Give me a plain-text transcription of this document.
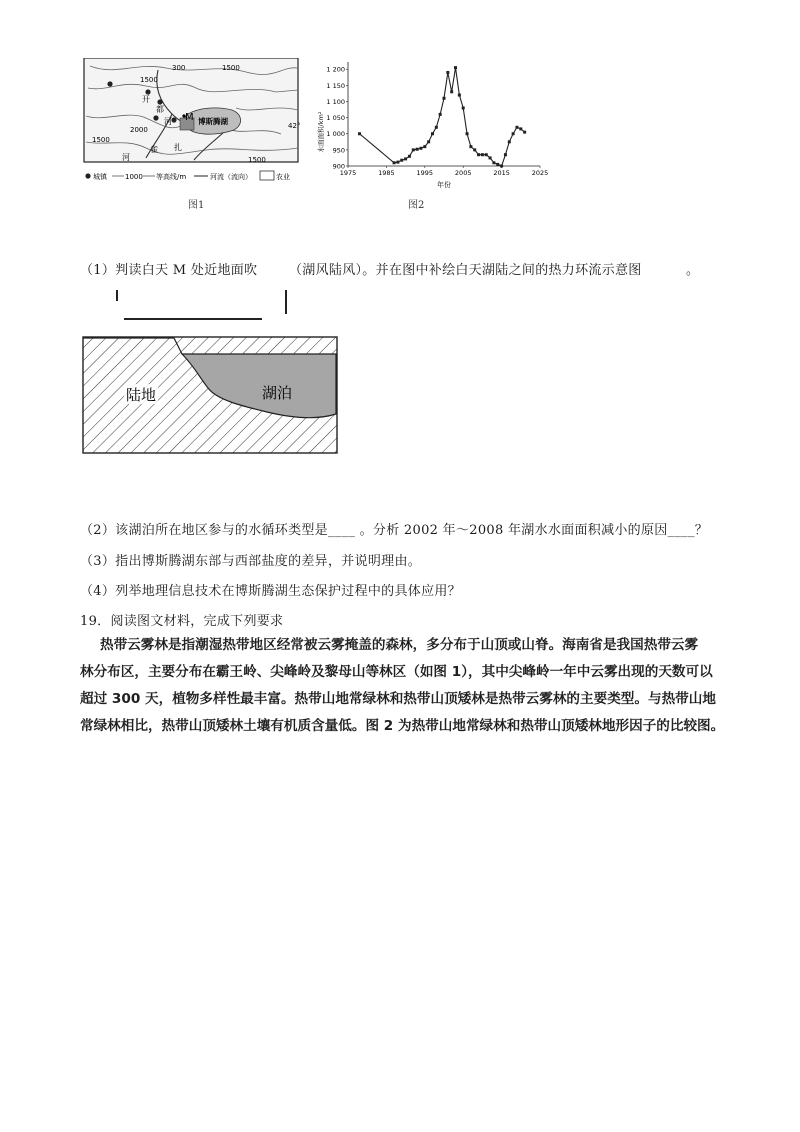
1500
300	1500
2000
1500
1500
42°
开
都
河	博斯腾湖
M
河
扎
雀
城镇	1000 等高线/m	河流（流向）	农业
图1
水面面积/km²
1 200
1 150
1 100
1 050
1 000
950
900
1975	1985	1995	2005	2015	2025
年份
图2
（1）判读白天 M 处近地面吹 （湖风陆风）。并在图中补绘白天湖陆之间的热力环流示意图	。
陆地	湖泊
（2）该湖泊所在地区参与的水循环类型是____ 。分析 2002 年～2008 年湖水水面面积减小的原因____？
（3）指出博斯腾湖东部与西部盐度的差异，并说明理由。
（4）列举地理信息技术在博斯腾湖生态保护过程中的具体应用？
19．阅读图文材料，完成下列要求
热带云雾林是指潮湿热带地区经常被云雾掩盖的森林，多分布于山顶或山脊。海南省是我国热带云雾
林分布区，主要分布在霸王岭、尖峰岭及黎母山等林区（如图 1），其中尖峰岭一年中云雾出现的天数可以
超过 300 天，植物多样性最丰富。热带山地常绿林和热带山顶矮林是热带云雾林的主要类型。与热带山地
常绿林相比，热带山顶矮林土壤有机质含量低。图 2 为热带山地常绿林和热带山顶矮林地形因子的比较图。
